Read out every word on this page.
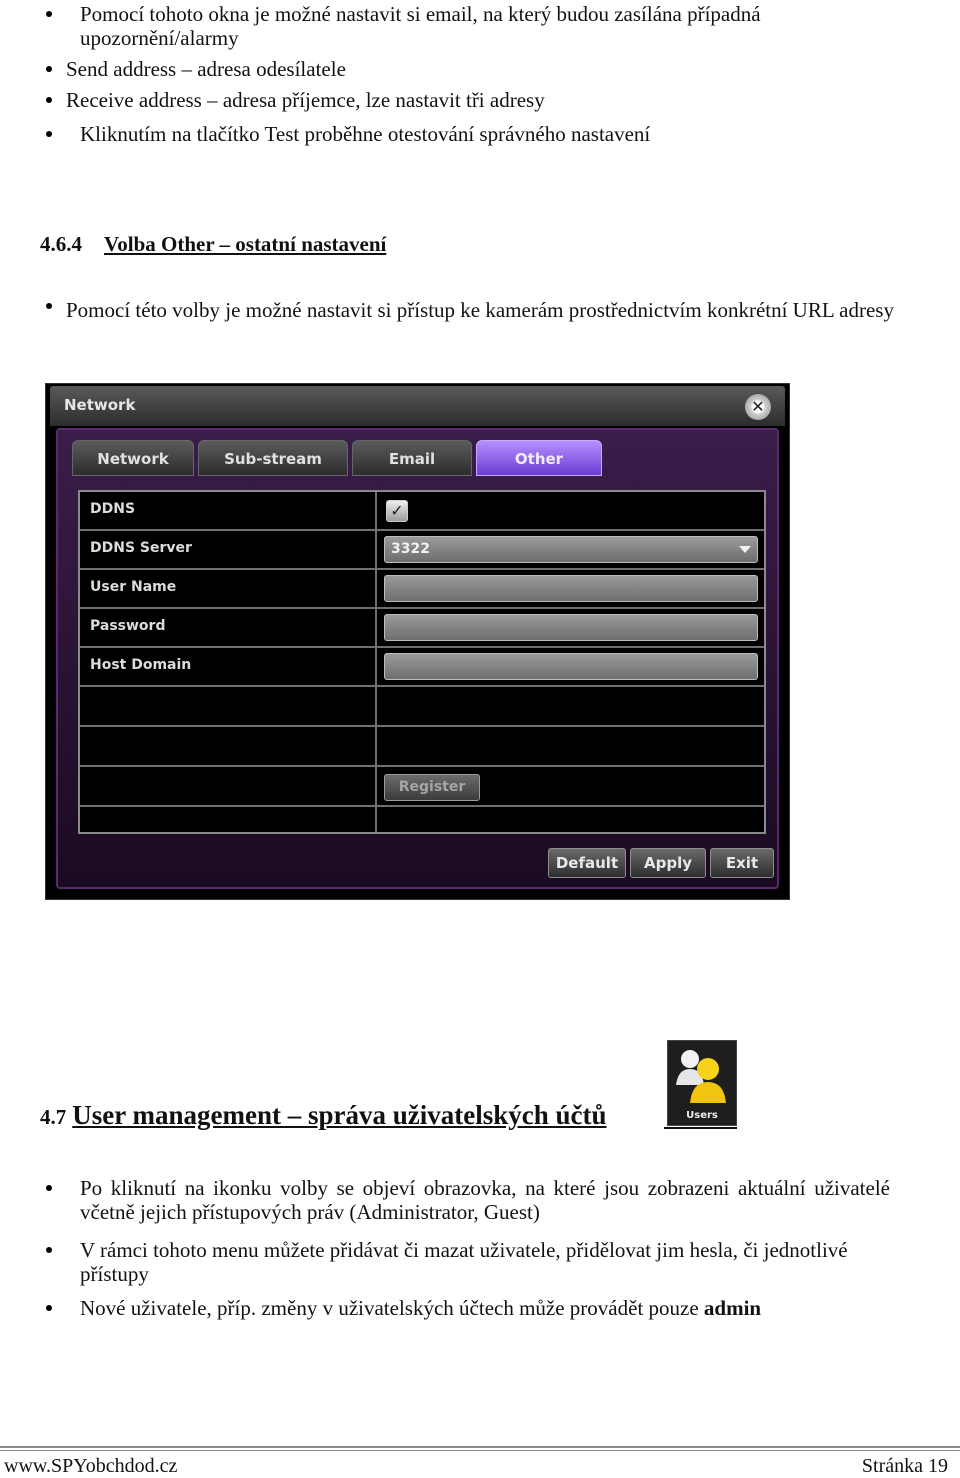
Pomocí tohoto okna je možné nastavit si email, na který budou zasílána případná upozornění/alarmy
Send address – adresa odesílatele
Receive address – adresa příjemce, lze nastavit tři adresy
Kliknutím na tlačítko Test proběhne otestování správného nastavení
4.6.4 Volba Other – ostatní nastavení
Pomocí této volby je možné nastavit si přístup ke kamerám prostřednictvím konkrétní URL adresy
Network	✕
Network	Sub-stream	Email	Other
DDNS	✓
DDNS Server	3322
User Name
Password
Host Domain
Register
Default	Apply	Exit
4.7 User management – správa uživatelských účtů	Users
Po kliknutí na ikonku volby se objeví obrazovka, na které jsou zobrazeni aktuální uživatelé včetně jejich přístupových práv (Administrator, Guest)
V rámci tohoto menu můžete přidávat či mazat uživatele, přidělovat jim hesla, či jednotlivé přístupy
Nové uživatele, příp. změny v uživatelských účtech může provádět pouze admin
www.SPYobchdod.cz	Stránka 19
